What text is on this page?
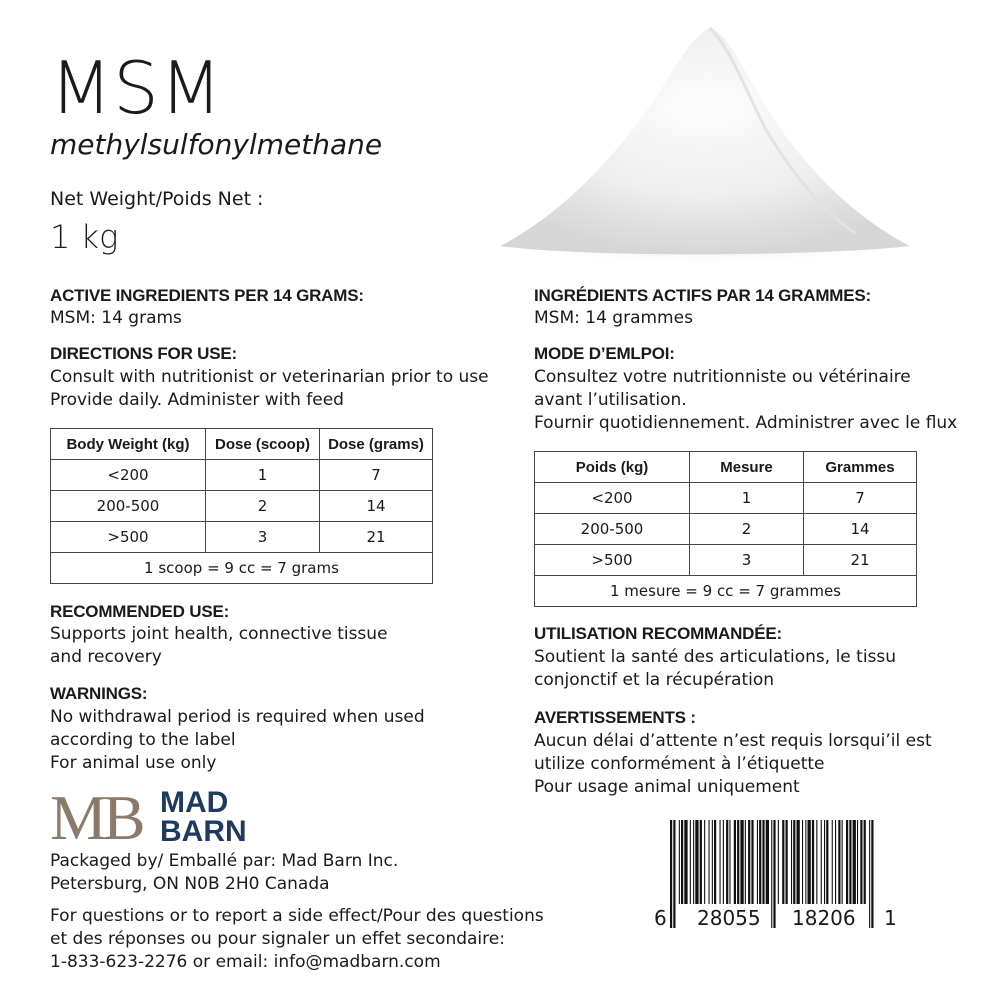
MSM
methylsulfonylmethane
Net Weight/Poids Net :
1 kg
ACTIVE INGREDIENTS PER 14 GRAMS:
MSM: 14 grams
DIRECTIONS FOR USE:
Consult with nutritionist or veterinarian prior to use
Provide daily. Administer with feed
Body Weight (kg)	Dose (scoop)	Dose (grams)
<200	1	7
200-500	2	14
>500	3	21
1 scoop = 9 cc = 7 grams		
RECOMMENDED USE:
Supports joint health, connective tissue
and recovery
WARNINGS:
No withdrawal period is required when used
according to the label
For animal use only
MB MAD
BARN
Packaged by/ Emballé par: Mad Barn Inc.
Petersburg, ON N0B 2H0 Canada
For questions or to report a side effect/Pour des questions
et des réponses ou pour signaler un effet secondaire:
1-833-623-2276 or email: info@madbarn.com
INGRÉDIENTS ACTIFS PAR 14 GRAMMES:
MSM: 14 grammes
MODE D’EMLPOI:
Consultez votre nutritionniste ou vétérinaire
avant l’utilisation.
Fournir quotidiennement. Administrer avec le flux
Poids (kg)	Mesure	Grammes
<200	1	7
200-500	2	14
>500	3	21
1 mesure = 9 cc = 7 grammes		
UTILISATION RECOMMANDÉE:
Soutient la santé des articulations, le tissu
conjonctif et la récupération
AVERTISSEMENTS :
Aucun délai d’attente n’est requis lorsqui’il est
utilize conformément à l’étiquette
Pour usage animal uniquement
6 28055 18206 1
